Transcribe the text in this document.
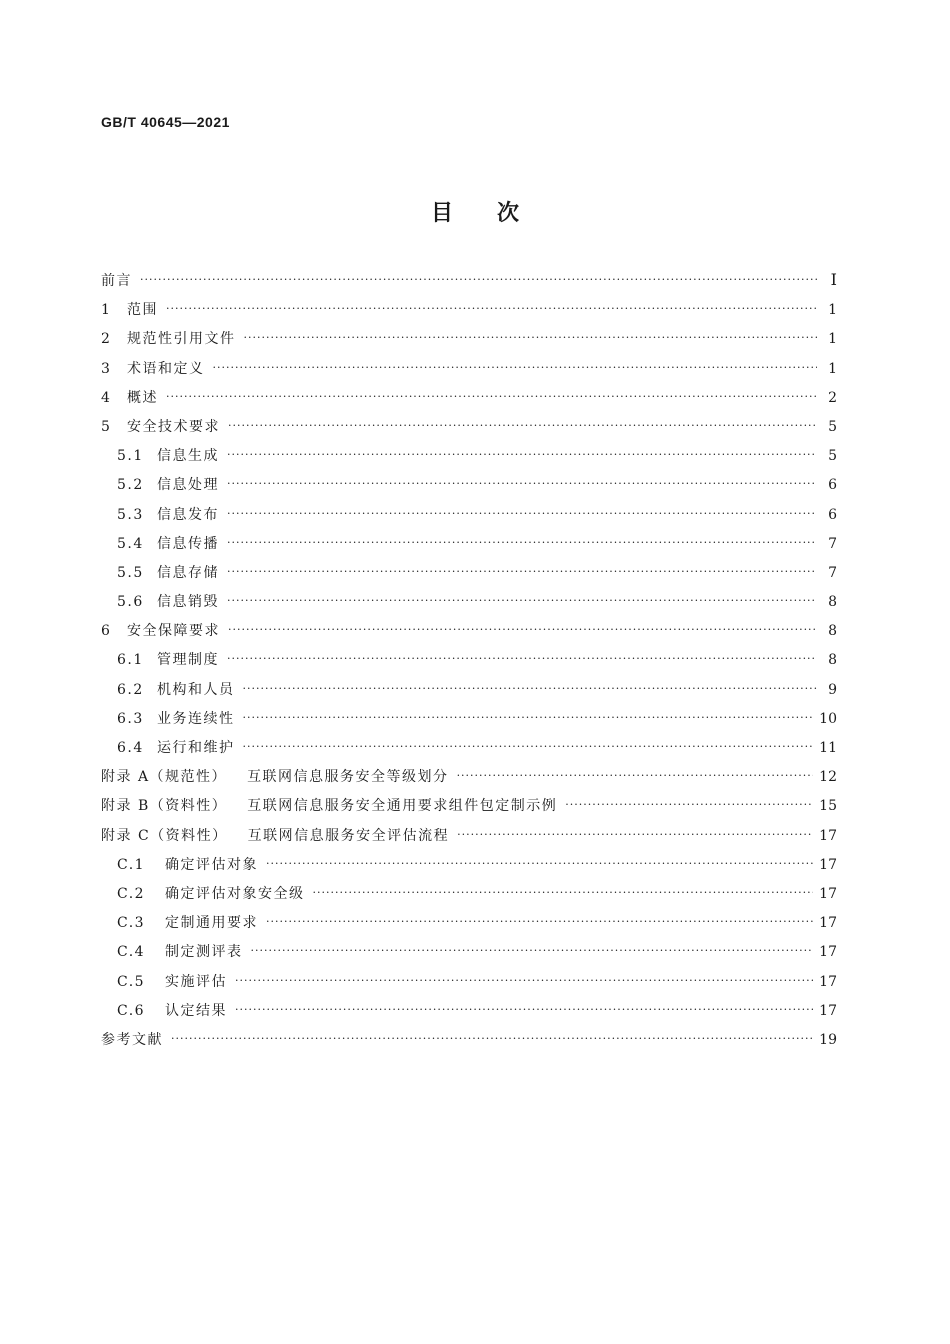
GB/T 40645—2021
目 次
前言 ·····	Ⅰ
1	范围 ·····	1
2	规范性引用文件 ·····	1
3	术语和定义 ·····	1
4	概述 ·····	2
5	安全技术要求 ·····	5
5.1 信息生成 ·····	5
5.2 信息处理 ·····	6
5.3 信息发布 ·····	6
5.4 信息传播 ·····	7
5.5 信息存储 ·····	7
5.6 信息销毁 ·····	8
6	安全保障要求 ·····	8
6.1 管理制度 ·····	8
6.2 机构和人员 ·····	9
6.3 业务连续性 ·····	10
6.4 运行和维护 ·····	11
附录 A（规范性） 互联网信息服务安全等级划分 ·····	12
附录 B（资料性） 互联网信息服务安全通用要求组件包定制示例 ·····	15
附录 C（资料性） 互联网信息服务安全评估流程 ·····	17
C.1	确定评估对象 ·····	17
C.2	确定评估对象安全级 ·····	17
C.3	定制通用要求 ·····	17
C.4	制定测评表 ·····	17
C.5	实施评估 ·····	17
C.6	认定结果 ·····	17
参考文献 ·····	19
